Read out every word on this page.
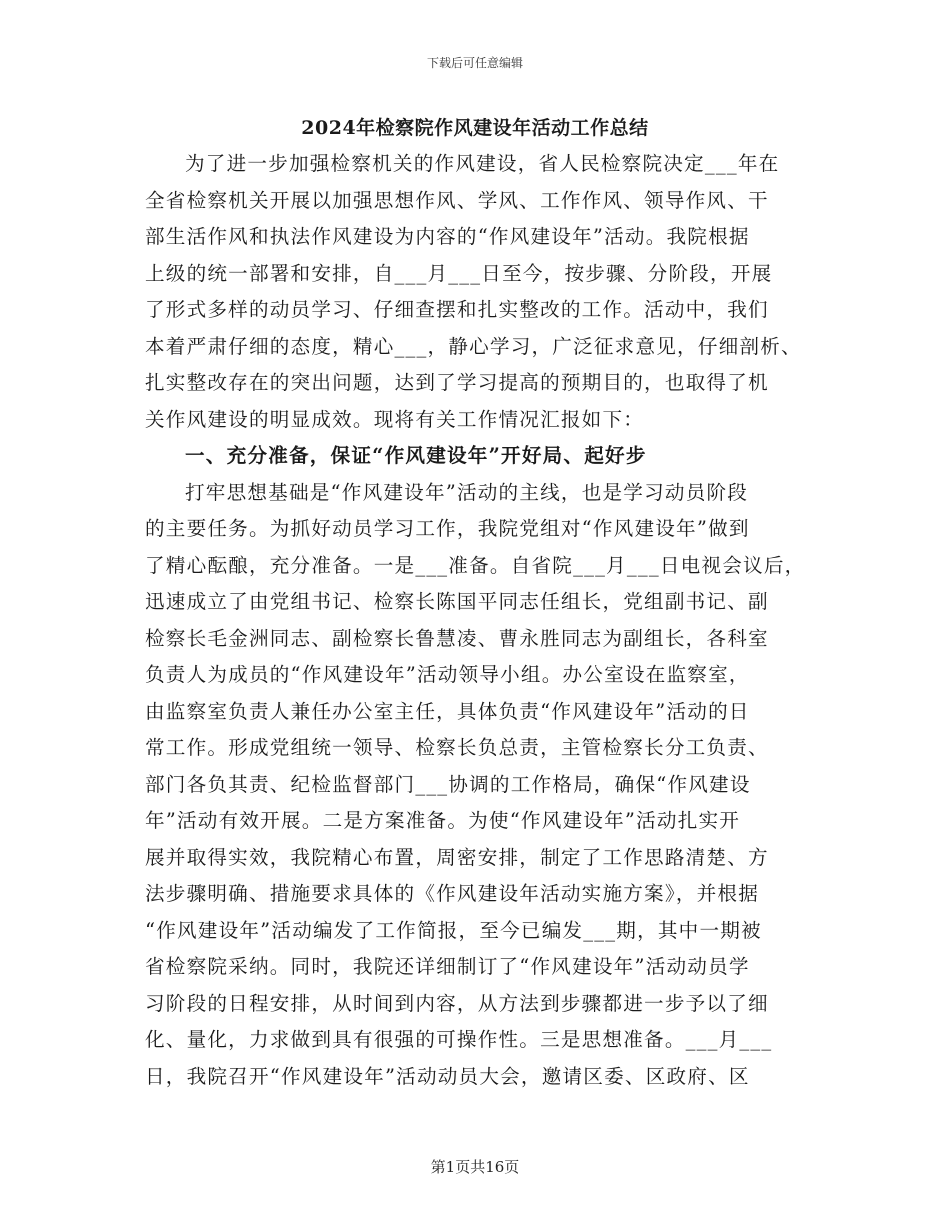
下载后可任意编辑
2024年检察院作风建设年活动工作总结
为了进一步加强检察机关的作风建设，省人民检察院决定___年在
全省检察机关开展以加强思想作风、学风、工作作风、领导作风、干
部生活作风和执法作风建设为内容的“作风建设年”活动。我院根据
上级的统一部署和安排，自___月___日至今，按步骤、分阶段，开展
了形式多样的动员学习、仔细查摆和扎实整改的工作。活动中，我们
本着严肃仔细的态度，精心___，静心学习，广泛征求意见，仔细剖析、
扎实整改存在的突出问题，达到了学习提高的预期目的，也取得了机
关作风建设的明显成效。现将有关工作情况汇报如下：
一、充分准备，保证“作风建设年”开好局、起好步
打牢思想基础是“作风建设年”活动的主线，也是学习动员阶段
的主要任务。为抓好动员学习工作，我院党组对“作风建设年”做到
了精心酝酿，充分准备。一是___准备。自省院___月___日电视会议后，
迅速成立了由党组书记、检察长陈国平同志任组长，党组副书记、副
检察长毛金洲同志、副检察长鲁慧凌、曹永胜同志为副组长，各科室
负责人为成员的“作风建设年”活动领导小组。办公室设在监察室，
由监察室负责人兼任办公室主任，具体负责“作风建设年”活动的日
常工作。形成党组统一领导、检察长负总责，主管检察长分工负责、
部门各负其责、纪检监督部门___协调的工作格局，确保“作风建设
年”活动有效开展。二是方案准备。为使“作风建设年”活动扎实开
展并取得实效，我院精心布置，周密安排，制定了工作思路清楚、方
法步骤明确、措施要求具体的《作风建设年活动实施方案》，并根据
“作风建设年”活动编发了工作简报，至今已编发___期，其中一期被
省检察院采纳。同时，我院还详细制订了“作风建设年”活动动员学
习阶段的日程安排，从时间到内容，从方法到步骤都进一步予以了细
化、量化，力求做到具有很强的可操作性。三是思想准备。___月___
日，我院召开“作风建设年”活动动员大会，邀请区委、区政府、区
第1页共16页
